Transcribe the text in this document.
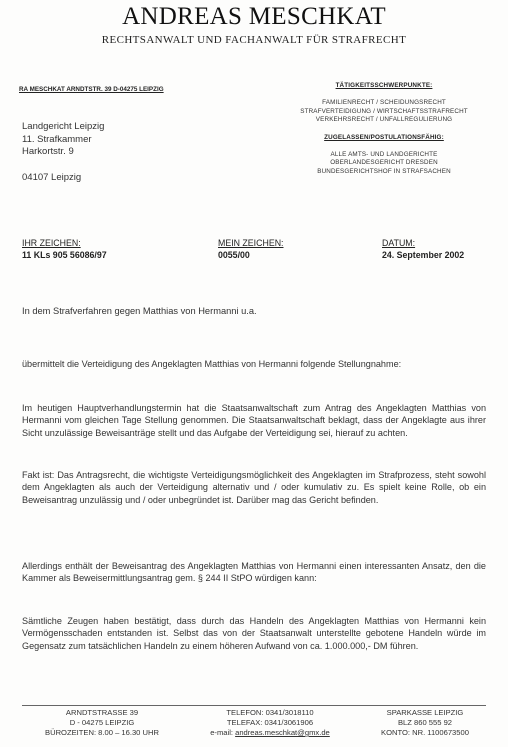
ANDREAS MESCHKAT
RECHTSANWALT UND FACHANWALT FÜR STRAFRECHT
RA MESCHKAT ARNDTSTR. 39 D-04275 LEIPZIG
Landgericht Leipzig
11. Strafkammer
Harkortstr. 9
04107 Leipzig
TÄTIGKEITSSCHWERPUNKTE:
FAMILIENRECHT / SCHEIDUNGSRECHT
STRAFVERTEIDIGUNG / WIRTSCHAFTSSTRAFRECHT
VERKEHRSRECHT / UNFALLREGULIERUNG
ZUGELASSEN/POSTULATIONSFÄHIG:
ALLE AMTS- UND LANDGERICHTE
OBERLANDESGERICHT DRESDEN
BUNDESGERICHTSHOF IN STRAFSACHEN
IHR ZEICHEN:
11 KLs 905 56086/97
MEIN ZEICHEN:
0055/00
DATUM:
24. September 2002
In dem Strafverfahren gegen Matthias von Hermanni u.a.
übermittelt die Verteidigung des Angeklagten Matthias von Hermanni folgende Stellungnahme:
Im heutigen Hauptverhandlungstermin hat die Staatsanwaltschaft zum Antrag des Angeklagten Matthias von Hermanni vom gleichen Tage Stellung genommen. Die Staatsanwaltschaft beklagt, dass der Angeklagte aus ihrer Sicht unzulässige Beweisanträge stellt und das Aufgabe der Verteidigung sei, hierauf zu achten.
Fakt ist: Das Antragsrecht, die wichtigste Verteidigungsmöglichkeit des Angeklagten im Strafprozess, steht sowohl dem Angeklagten als auch der Verteidigung alternativ und / oder kumulativ zu. Es spielt keine Rolle, ob ein Beweisantrag unzulässig und / oder unbegründet ist. Darüber mag das Gericht befinden.
Allerdings enthält der Beweisantrag des Angeklagten Matthias von Hermanni einen interessanten Ansatz, den die Kammer als Beweisermittlungsantrag gem. § 244 II StPO würdigen kann:
Sämtliche Zeugen haben bestätigt, dass durch das Handeln des Angeklagten Matthias von Hermanni kein Vermögensschaden entstanden ist. Selbst das von der Staatsanwalt unterstellte gebotene Handeln würde im Gegensatz zum tatsächlichen Handeln zu einem höheren Aufwand von ca. 1.000.000,- DM führen.
ARNDTSTRASSE 39
D - 04275 LEIPZIG
BÜROZEITEN: 8.00 – 16.30 UHR
TELEFON: 0341/3018110
TELEFAX: 0341/3061906
e-mail: andreas.meschkat@gmx.de
SPARKASSE LEIPZIG
BLZ 860 555 92
KONTO: NR. 1100673500
